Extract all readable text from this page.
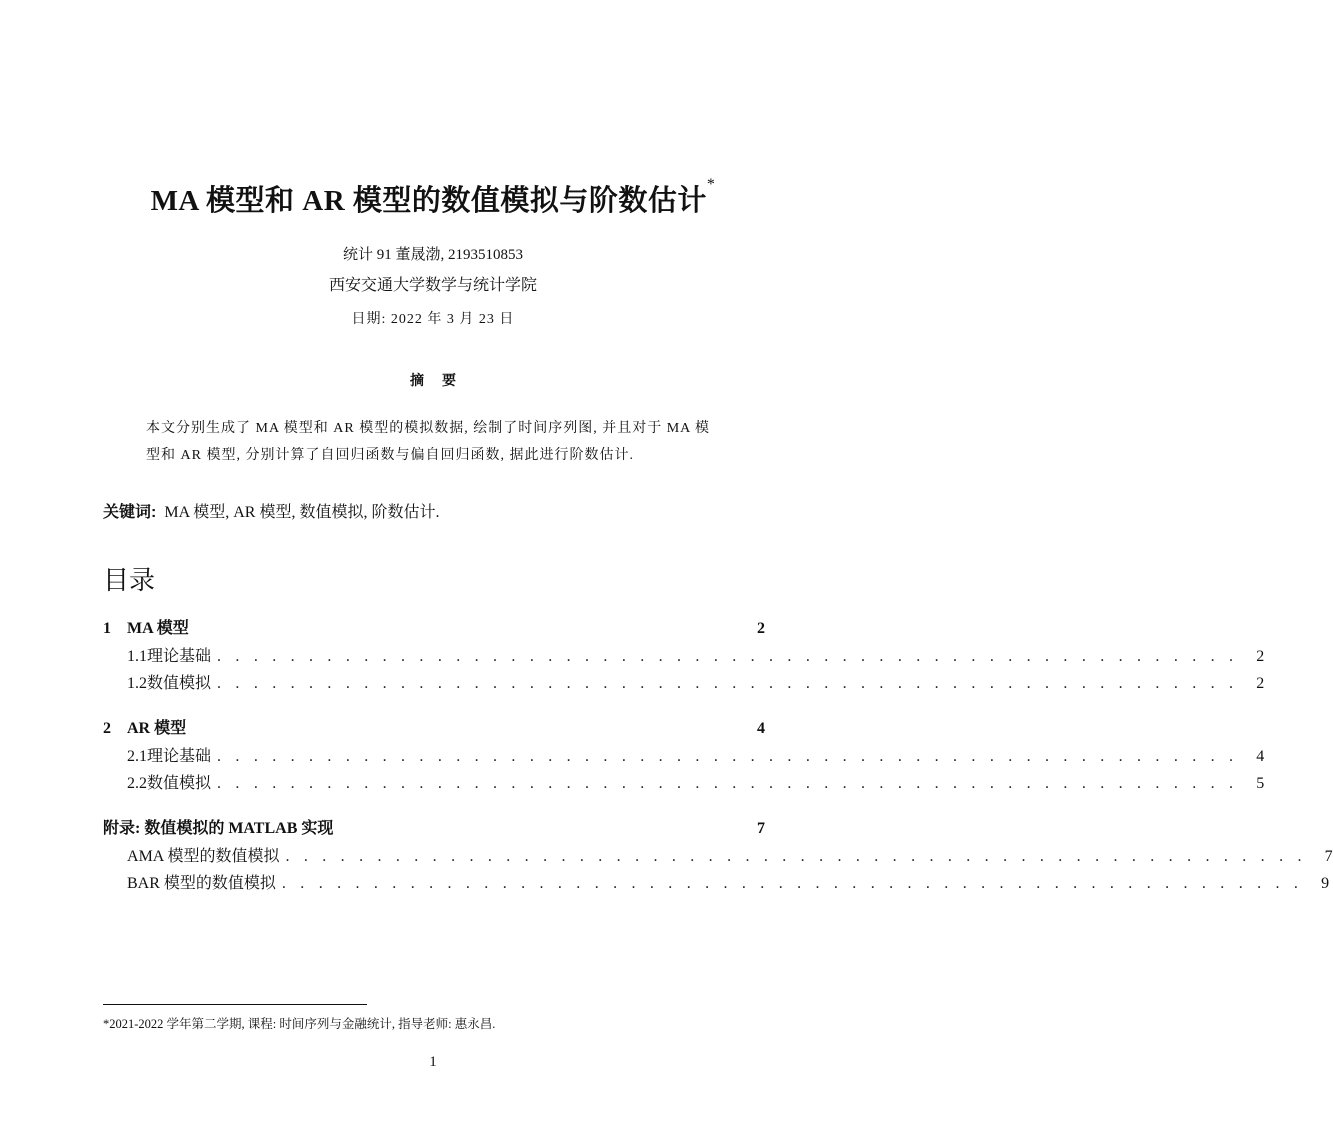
MA 模型和 AR 模型的数值模拟与阶数估计*
统计 91 董晟渤, 2193510853
西安交通大学数学与统计学院
日期: 2022 年 3 月 23 日
摘要
本文分别生成了 MA 模型和 AR 模型的模拟数据, 绘制了时间序列图, 并且对于 MA 模型和 AR 模型, 分别计算了自回归函数与偏自回归函数, 据此进行阶数估计.
关键词: MA 模型, AR 模型, 数值模拟, 阶数估计.
目录
1	MA 模型	2
1.1 理论基础 . . . . . . . . . . . . . . . . . . . . . . . . . . . . . . . . . . . . . . . . . . . . . . . . . . . . . . . . 2
1.2 数值模拟 . . . . . . . . . . . . . . . . . . . . . . . . . . . . . . . . . . . . . . . . . . . . . . . . . . . . . . . . 2
2	AR 模型	4
2.1 理论基础 . . . . . . . . . . . . . . . . . . . . . . . . . . . . . . . . . . . . . . . . . . . . . . . . . . . . . . . . 4
2.2 数值模拟 . . . . . . . . . . . . . . . . . . . . . . . . . . . . . . . . . . . . . . . . . . . . . . . . . . . . . . . . 5
附录: 数值模拟的 MATLAB 实现	7
A MA 模型的数值模拟 . . . . . . . . . . . . . . . . . . . . . . . . . . . . . . . . . . . . . . . . . . . . . . . . . . . . . . . . 7
B AR 模型的数值模拟 . . . . . . . . . . . . . . . . . . . . . . . . . . . . . . . . . . . . . . . . . . . . . . . . . . . . . . . . 9
*2021-2022 学年第二学期, 课程: 时间序列与金融统计, 指导老师: 惠永昌.
1
